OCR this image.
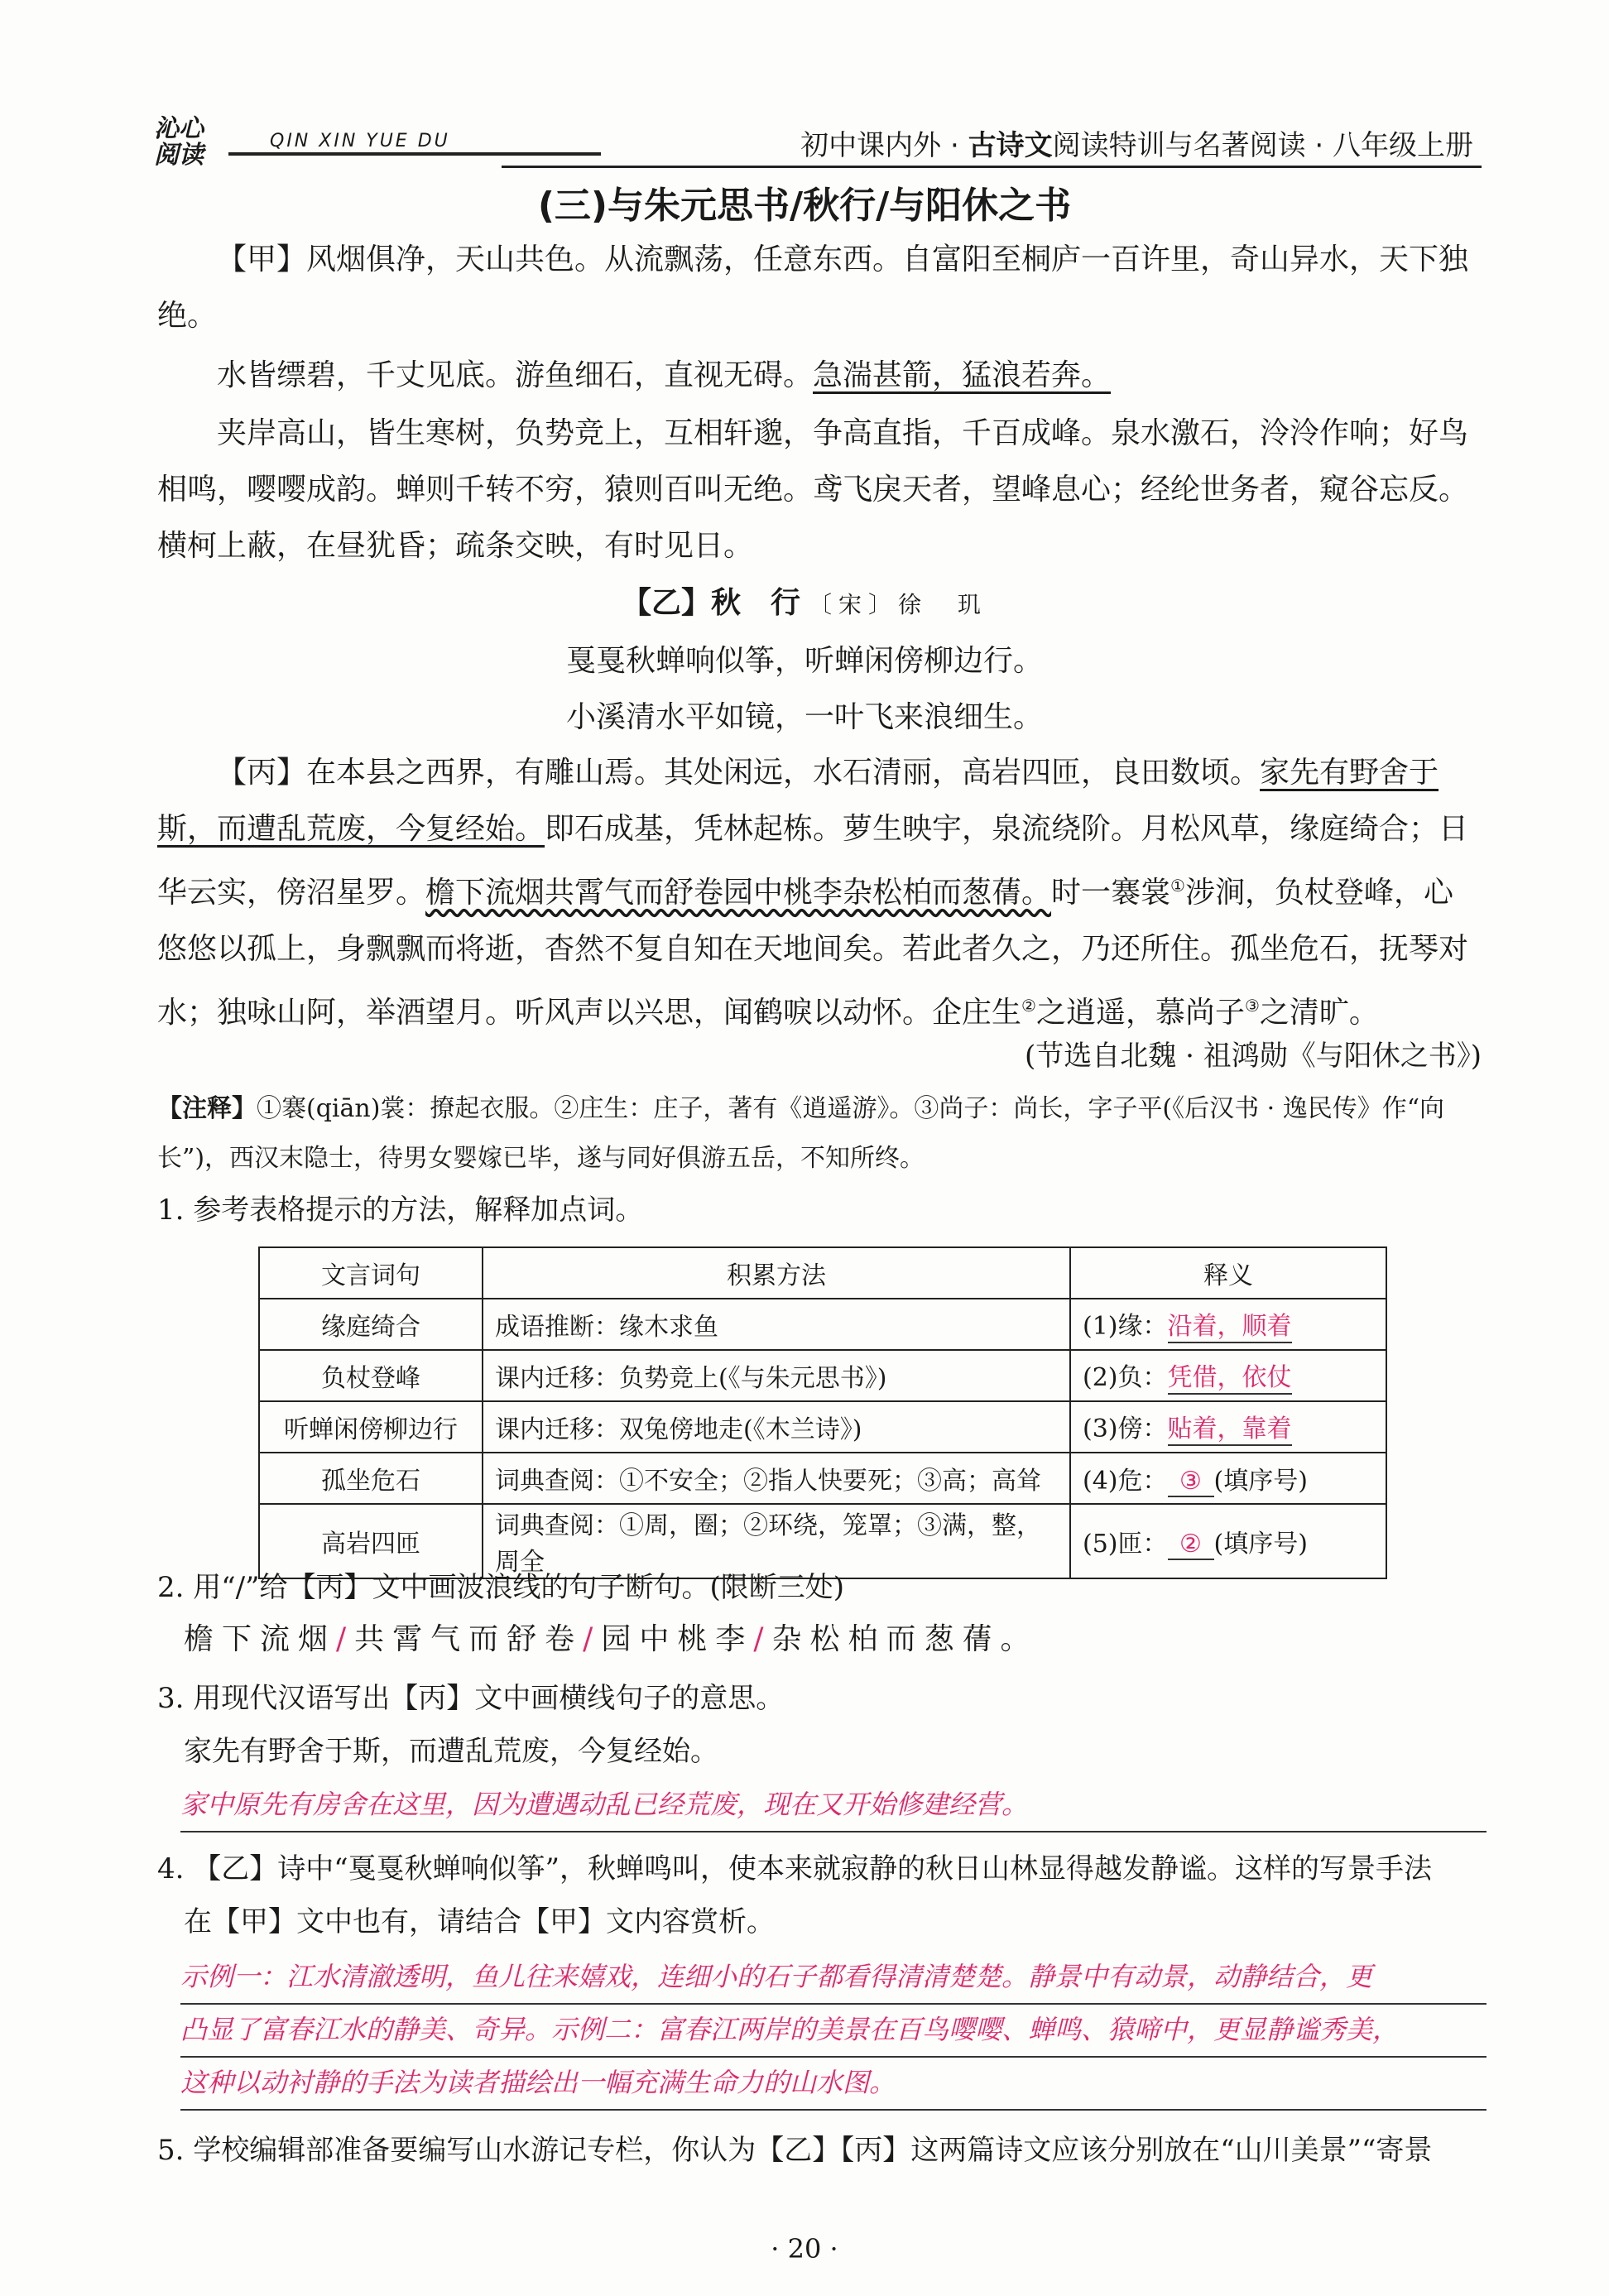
沁心
阅读	QIN XIN YUE DU	初中课内外 · 古诗文阅读特训与名著阅读 · 八年级上册
(三)与朱元思书/秋行/与阳休之书
【甲】风烟俱净，天山共色。从流飘荡，任意东西。自富阳至桐庐一百许里，奇山异水，天下独绝。
水皆缥碧，千丈见底。游鱼细石，直视无碍。急湍甚箭，猛浪若奔。
夹岸高山，皆生寒树，负势竞上，互相轩邈，争高直指，千百成峰。泉水激石，泠泠作响；好鸟相鸣，嘤嘤成韵。蝉则千转不穷，猿则百叫无绝。鸢飞戾天者，望峰息心；经纶世务者，窥谷忘反。横柯上蔽，在昼犹昏；疏条交映，有时见日。
【乙】秋　行 〔宋〕徐　玑
戛戛秋蝉响似筝，听蝉闲傍柳边行。
小溪清水平如镜，一叶飞来浪细生。
【丙】在本县之西界，有雕山焉。其处闲远，水石清丽，高岩四匝，良田数顷。家先有野舍于斯，而遭乱荒废，今复经始。即石成基，凭林起栋。萝生映宇，泉流绕阶。月松风草，缘庭绮合；日华云实，傍沼星罗。檐下流烟共霄气而舒卷园中桃李杂松柏而葱蒨。时一褰裳①涉涧，负杖登峰，心悠悠以孤上，身飘飘而将逝，杳然不复自知在天地间矣。若此者久之，乃还所住。孤坐危石，抚琴对水；独咏山阿，举酒望月。听风声以兴思，闻鹤唳以动怀。企庄生②之逍遥，慕尚子③之清旷。
(节选自北魏 · 祖鸿勋《与阳休之书》)
【注释】①褰(qiān)裳：撩起衣服。②庄生：庄子，著有《逍遥游》。③尚子：尚长，字子平(《后汉书 · 逸民传》作“向长”)，西汉末隐士，待男女婴嫁已毕，遂与同好俱游五岳，不知所终。
1. 参考表格提示的方法，解释加点词。
文言词句	积累方法	释义
缘庭绮合	成语推断：缘木求鱼	(1)缘：沿着，顺着
负杖登峰	课内迁移：负势竞上(《与朱元思书》)	(2)负：凭借，依仗
听蝉闲傍柳边行	课内迁移：双兔傍地走(《木兰诗》)	(3)傍：贴着，靠着
孤坐危石	词典查阅：①不安全；②指人快要死；③高；高耸	(4)危： ③ (填序号)
高岩四匝	词典查阅：①周，圈；②环绕，笼罩；③满，整，周全	(5)匝： ② (填序号)
2. 用“/”给【丙】文中画波浪线的句子断句。(限断三处)
檐下流烟/共霄气而舒卷/园中桃李/杂松柏而葱蒨。
3. 用现代汉语写出【丙】文中画横线句子的意思。
家先有野舍于斯，而遭乱荒废，今复经始。
家中原先有房舍在这里，因为遭遇动乱已经荒废，现在又开始修建经营。
4. 【乙】诗中“戛戛秋蝉响似筝”，秋蝉鸣叫，使本来就寂静的秋日山林显得越发静谧。这样的写景手法
在【甲】文中也有，请结合【甲】文内容赏析。
示例一：江水清澈透明，鱼儿往来嬉戏，连细小的石子都看得清清楚楚。静景中有动景，动静结合，更
凸显了富春江水的静美、奇异。示例二：富春江两岸的美景在百鸟嘤嘤、蝉鸣、猿啼中，更显静谧秀美，
这种以动衬静的手法为读者描绘出一幅充满生命力的山水图。
5. 学校编辑部准备要编写山水游记专栏，你认为【乙】【丙】这两篇诗文应该分别放在“山川美景”“寄景
· 20 ·
